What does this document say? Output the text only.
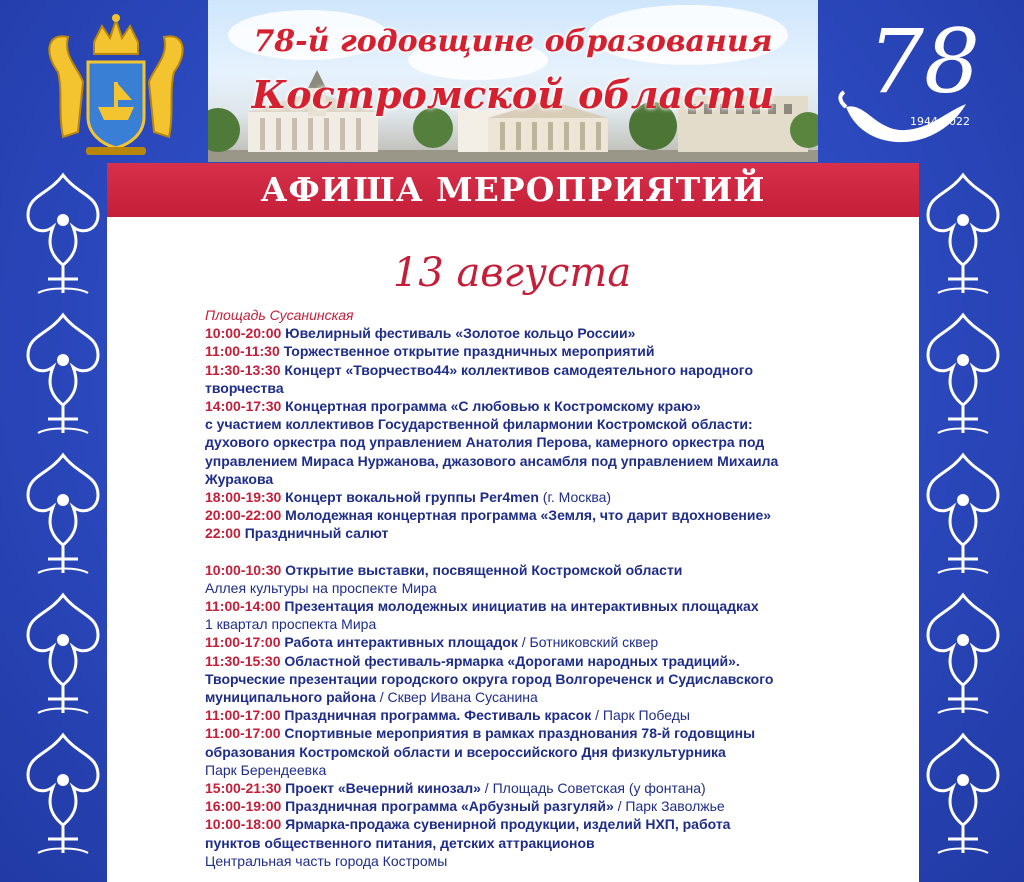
78-й годовщине образования
Костромской области	78
1944-2022
АФИША МЕРОПРИЯТИЙ
13 августа
Площадь Сусанинская
10:00-20:00 Ювелирный фестиваль «Золотое кольцо России»
11:00-11:30 Торжественное открытие праздничных мероприятий
11:30-13:30 Концерт «Творчество44» коллективов самодеятельного народного
творчества
14:00-17:30 Концертная программа «С любовью к Костромскому краю»
с участием коллективов Государственной филармонии Костромской области:
духового оркестра под управлением Анатолия Перова, камерного оркестра под
управлением Мираса Нуржанова, джазового ансамбля под управлением Михаила
Журакова
18:00-19:30 Концерт вокальной группы Per4men (г. Москва)
20:00-22:00 Молодежная концертная программа «Земля, что дарит вдохновение»
22:00 Праздничный салют
10:00-10:30 Открытие выставки, посвященной Костромской области
Аллея культуры на проспекте Мира
11:00-14:00 Презентация молодежных инициатив на интерактивных площадках
1 квартал проспекта Мира
11:00-17:00 Работа интерактивных площадок / Ботниковский сквер
11:30-15:30 Областной фестиваль-ярмарка «Дорогами народных традиций».
Творческие презентации городского округа город Волгореченск и Судиславского
муниципального района / Сквер Ивана Сусанина
11:00-17:00 Праздничная программа. Фестиваль красок / Парк Победы
11:00-17:00 Спортивные мероприятия в рамках празднования 78-й годовщины
образования Костромской области и всероссийского Дня физкультурника
Парк Берендеевка
15:00-21:30 Проект «Вечерний кинозал» / Площадь Советская (у фонтана)
16:00-19:00 Праздничная программа «Арбузный разгуляй» / Парк Заволжье
10:00-18:00 Ярмарка-продажа сувенирной продукции, изделий НХП, работа
пунктов общественного питания, детских аттракционов
Центральная часть города Костромы
